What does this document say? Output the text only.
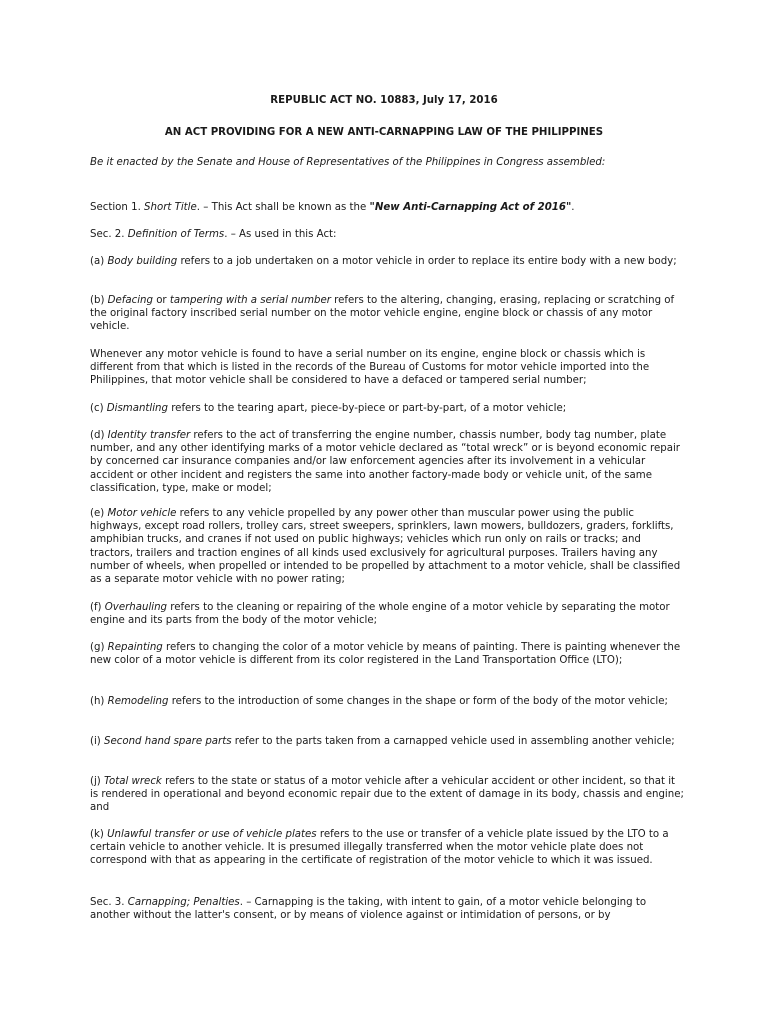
REPUBLIC ACT NO. 10883, July 17, 2016
AN ACT PROVIDING FOR A NEW ANTI-CARNAPPING LAW OF THE PHILIPPINES

Be it enacted by the Senate and House of Representatives of the Philippines in Congress assembled:

Section 1. Short Title. – This Act shall be known as the "New Anti-Carnapping Act of 2016".

Sec. 2. Definition of Terms. – As used in this Act:

(a) Body building refers to a job undertaken on a motor vehicle in order to replace its entire body with a new body;

(b) Defacing or tampering with a serial number refers to the altering, changing, erasing, replacing or scratching of the original factory inscribed serial number on the motor vehicle engine, engine block or chassis of any motor vehicle.

Whenever any motor vehicle is found to have a serial number on its engine, engine block or chassis which is different from that which is listed in the records of the Bureau of Customs for motor vehicle imported into the Philippines, that motor vehicle shall be considered to have a defaced or tampered serial number;

(c) Dismantling refers to the tearing apart, piece-by-piece or part-by-part, of a motor vehicle;

(d) Identity transfer refers to the act of transferring the engine number, chassis number, body tag number, plate number, and any other identifying marks of a motor vehicle declared as “total wreck” or is beyond economic repair by concerned car insurance companies and/or law enforcement agencies after its involvement in a vehicular accident or other incident and registers the same into another factory-made body or vehicle unit, of the same classification, type, make or model;

(e) Motor vehicle refers to any vehicle propelled by any power other than muscular power using the public highways, except road rollers, trolley cars, street sweepers, sprinklers, lawn mowers, bulldozers, graders, forklifts, amphibian trucks, and cranes if not used on public highways; vehicles which run only on rails or tracks; and tractors, trailers and traction engines of all kinds used exclusively for agricultural purposes. Trailers having any number of wheels, when propelled or intended to be propelled by attachment to a motor vehicle, shall be classified as a separate motor vehicle with no power rating;

(f) Overhauling refers to the cleaning or repairing of the whole engine of a motor vehicle by separating the motor engine and its parts from the body of the motor vehicle;

(g) Repainting refers to changing the color of a motor vehicle by means of painting. There is painting whenever the new color of a motor vehicle is different from its color registered in the Land Transportation Office (LTO);

(h) Remodeling refers to the introduction of some changes in the shape or form of the body of the motor vehicle;

(i) Second hand spare parts refer to the parts taken from a carnapped vehicle used in assembling another vehicle;

(j) Total wreck refers to the state or status of a motor vehicle after a vehicular accident or other incident, so that it is rendered in operational and beyond economic repair due to the extent of damage in its body, chassis and engine; and

(k) Unlawful transfer or use of vehicle plates refers to the use or transfer of a vehicle plate issued by the LTO to a certain vehicle to another vehicle. It is presumed illegally transferred when the motor vehicle plate does not correspond with that as appearing in the certificate of registration of the motor vehicle to which it was issued.

Sec. 3. Carnapping; Penalties. – Carnapping is the taking, with intent to gain, of a motor vehicle belonging to another without the latter's consent, or by means of violence against or intimidation of persons, or by
